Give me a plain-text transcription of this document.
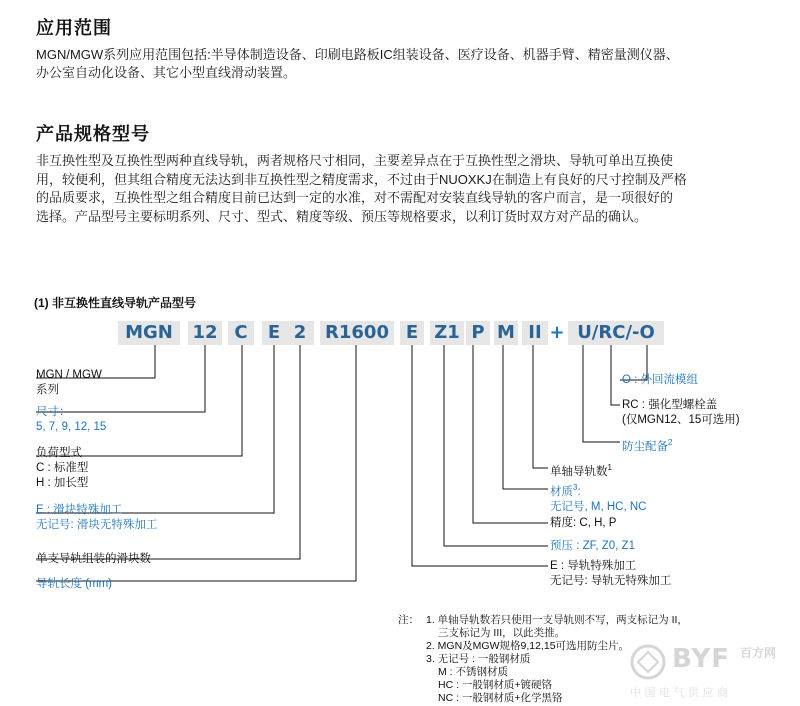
应用范围
MGN/MGW系列应用范围包括:半导体制造设备、印刷电路板IC组装设备、医疗设备、机器手臂、精密量测仪器、
办公室自动化设备、其它小型直线滑动装置。
产品规格型号
非互换性型及互换性型两种直线导轨，两者规格尺寸相同，主要差异点在于互换性型之滑块、导轨可单出互换使
用，较便利，但其组合精度无法达到非互换性型之精度需求，不过由于NUOXKJ在制造上有良好的尺寸控制及严格
的品质要求，互换性型之组合精度目前已达到一定的水准，对不需配对安装直线导轨的客户而言，是一项很好的
选择。产品型号主要标明系列、尺寸、型式、精度等级、预压等规格要求，以利订货时双方对产品的确认。
(1) 非互换性直线导轨产品型号
MGN	12 C	E 2	R1600 E Z1 P M II + U/RC/-O
MGN / MGW
系列
尺寸：
5, 7, 9, 12, 15
负荷型式
C : 标准型
H : 加长型
E : 滑块特殊加工
无记号: 滑块无特殊加工
单支导轨组装的滑块数
导轨长度 (mm)
O : 外回流模组
RC : 强化型螺栓盖
(仅MGN12、15可选用)
防尘配备$^2$
单轴导轨数$^1$
材质$^3$:
无记号, M, HC, NC
精度: C, H, P
预压 : ZF, Z0, Z1
E : 导轨特殊加工
无记号: 导轨无特殊加工
注： 1. 单轴导轨数若只使用一支导轨则不写，两支标记为 II，
三支标记为 III，以此类推。
2. MGN及MGW规格9,12,15可选用防尘片。
3. 无记号 : 一般钢材质
M : 不锈钢材质
HC : 一般钢材质+镀硬铬
NC : 一般钢材质+化学黑铬
BYF 百方网
中 国 电 气 供 应 商
